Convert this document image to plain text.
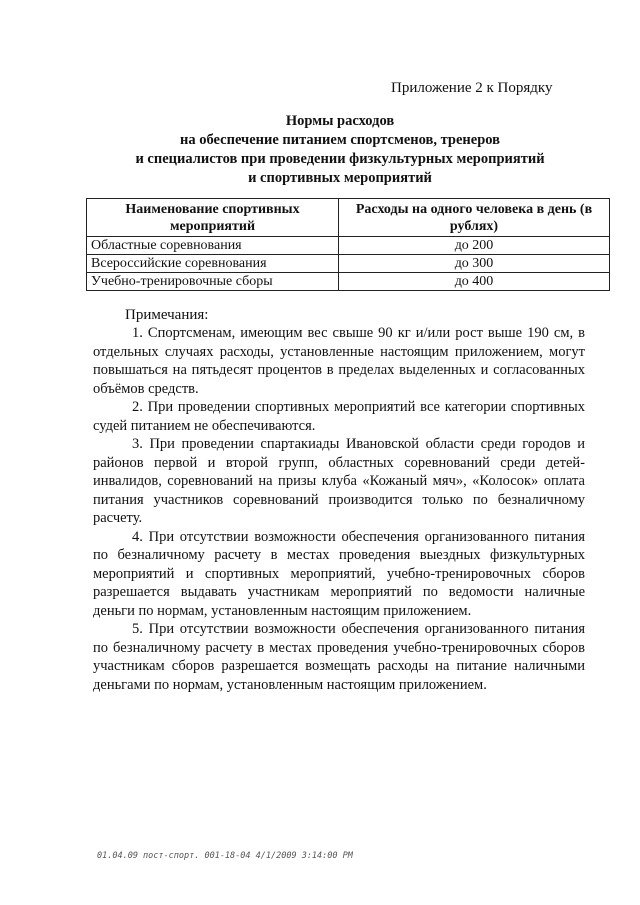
Приложение 2 к Порядку
Нормы расходов
на обеспечение питанием спортсменов, тренеров
и специалистов при проведении физкультурных мероприятий
и спортивных мероприятий
Наименование спортивных мероприятий	Расходы на одного человека в день (в рублях)
Областные соревнования	до 200
Всероссийские соревнования	до 300
Учебно-тренировочные сборы	до 400
Примечания:

1. Спортсменам, имеющим вес свыше 90 кг и/или рост выше 190 см, в отдельных случаях расходы, установленные настоящим приложением, могут повышаться на пятьдесят процентов в пределах выделенных и согласованных объёмов средств.

2. При проведении спортивных мероприятий все категории спортивных судей питанием не обеспечиваются.

3. При проведении спартакиады Ивановской области среди городов и районов первой и второй групп, областных соревнований среди детей-инвалидов, соревнований на призы клуба «Кожаный мяч», «Колосок» оплата питания участников соревнований производится только по безналичному расчету.

4. При отсутствии возможности обеспечения организованного питания по безналичному расчету в местах проведения выездных физкультурных мероприятий и спортивных мероприятий, учебно-тренировочных сборов разрешается выдавать участникам мероприятий по ведомости наличные деньги по нормам, установленным настоящим приложением.

5. При отсутствии возможности обеспечения организованного питания по безналичному расчету в местах проведения учебно-тренировочных сборов участникам сборов разрешается возмещать расходы на питание наличными деньгами по нормам, установленным настоящим приложением.

01.04.09 пост-спорт. 001-18-04 4/1/2009 3:14:00 PM
